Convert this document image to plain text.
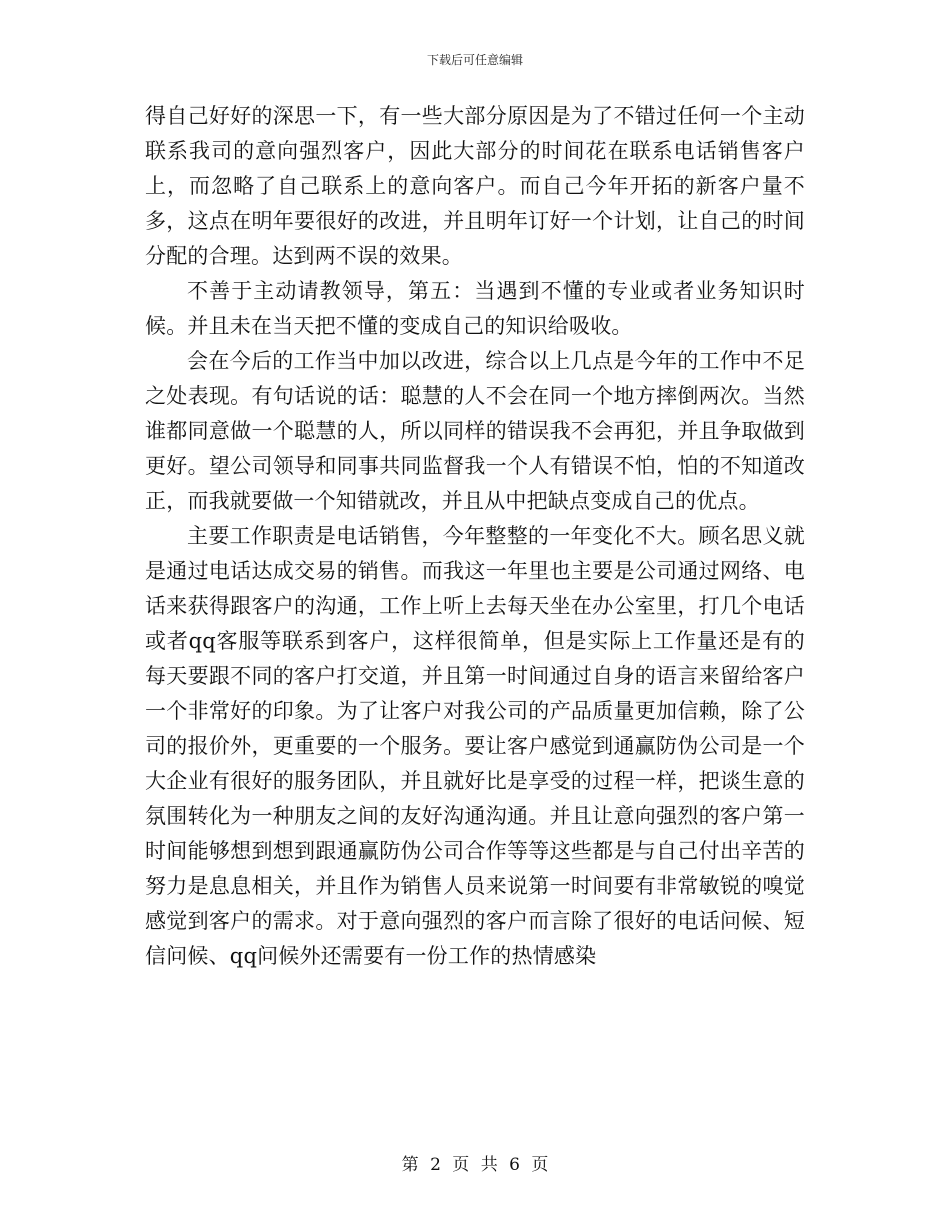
下载后可任意编辑

得自己好好的深思一下，有一些大部分原因是为了不错过任何一个主动联系我司的意向强烈客户，因此大部分的时间花在联系电话销售客户上，而忽略了自己联系上的意向客户。而自己今年开拓的新客户量不多，这点在明年要很好的改进，并且明年订好一个计划，让自己的时间分配的合理。达到两不误的效果。

不善于主动请教领导，第五：当遇到不懂的专业或者业务知识时候。并且未在当天把不懂的变成自己的知识给吸收。

会在今后的工作当中加以改进，综合以上几点是今年的工作中不足之处表现。有句话说的话：聪慧的人不会在同一个地方摔倒两次。当然谁都同意做一个聪慧的人，所以同样的错误我不会再犯，并且争取做到更好。望公司领导和同事共同监督我一个人有错误不怕，怕的不知道改正，而我就要做一个知错就改，并且从中把缺点变成自己的优点。

主要工作职责是电话销售，今年整整的一年变化不大。顾名思义就是通过电话达成交易的销售。而我这一年里也主要是公司通过网络、电话来获得跟客户的沟通，工作上听上去每天坐在办公室里，打几个电话或者qq客服等联系到客户，这样很简单，但是实际上工作量还是有的每天要跟不同的客户打交道，并且第一时间通过自身的语言来留给客户一个非常好的印象。为了让客户对我公司的产品质量更加信赖，除了公司的报价外，更重要的一个服务。要让客户感觉到通赢防伪公司是一个大企业有很好的服务团队，并且就好比是享受的过程一样，把谈生意的氛围转化为一种朋友之间的友好沟通沟通。并且让意向强烈的客户第一时间能够想到想到跟通赢防伪公司合作等等这些都是与自己付出辛苦的努力是息息相关，并且作为销售人员来说第一时间要有非常敏锐的嗅觉感觉到客户的需求。对于意向强烈的客户而言除了很好的电话问候、短信问候、qq问候外还需要有一份工作的热情感染

第 2 页 共 6 页
